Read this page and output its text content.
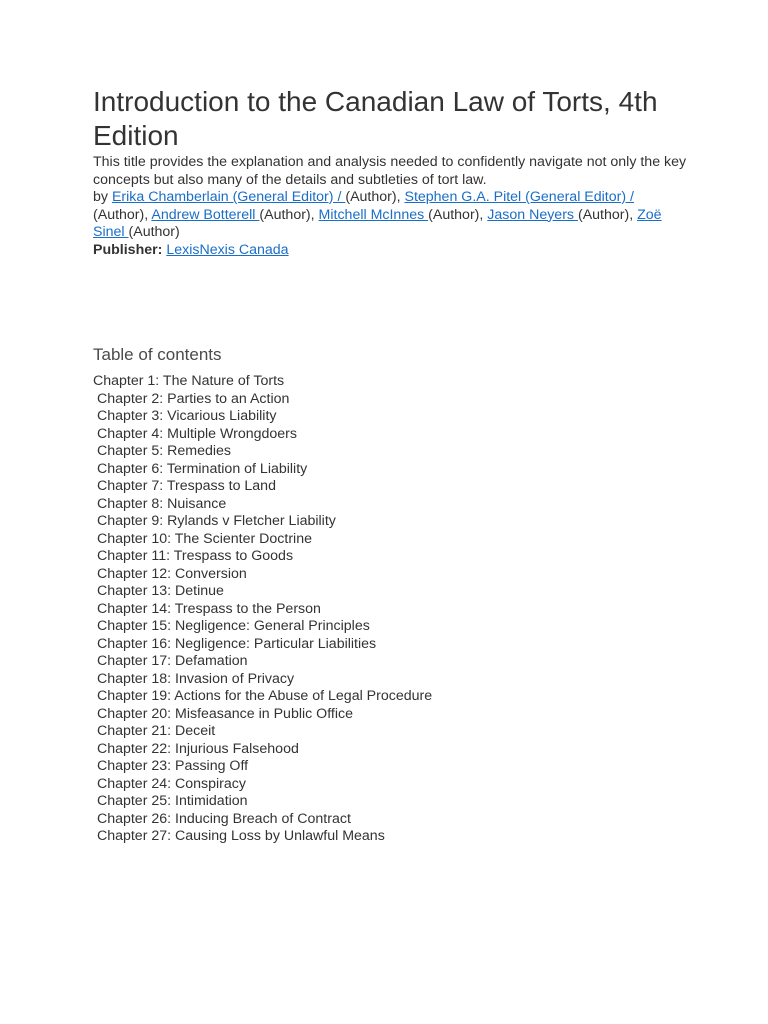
Introduction to the Canadian Law of Torts, 4th Edition
This title provides the explanation and analysis needed to confidently navigate not only the key concepts but also many of the details and subtleties of tort law.
by Erika Chamberlain (General Editor) / (Author), Stephen G.A. Pitel (General Editor) / (Author), Andrew Botterell (Author), Mitchell McInnes (Author), Jason Neyers (Author), Zoë Sinel (Author)
Publisher: LexisNexis Canada
Table of contents
Chapter 1: The Nature of Torts
Chapter 2: Parties to an Action
Chapter 3: Vicarious Liability
Chapter 4: Multiple Wrongdoers
Chapter 5: Remedies
Chapter 6: Termination of Liability
Chapter 7: Trespass to Land
Chapter 8: Nuisance
Chapter 9: Rylands v Fletcher Liability
Chapter 10: The Scienter Doctrine
Chapter 11: Trespass to Goods
Chapter 12: Conversion
Chapter 13: Detinue
Chapter 14: Trespass to the Person
Chapter 15: Negligence: General Principles
Chapter 16: Negligence: Particular Liabilities
Chapter 17: Defamation
Chapter 18: Invasion of Privacy
Chapter 19: Actions for the Abuse of Legal Procedure
Chapter 20: Misfeasance in Public Office
Chapter 21: Deceit
Chapter 22: Injurious Falsehood
Chapter 23: Passing Off
Chapter 24: Conspiracy
Chapter 25: Intimidation
Chapter 26: Inducing Breach of Contract
Chapter 27: Causing Loss by Unlawful Means
